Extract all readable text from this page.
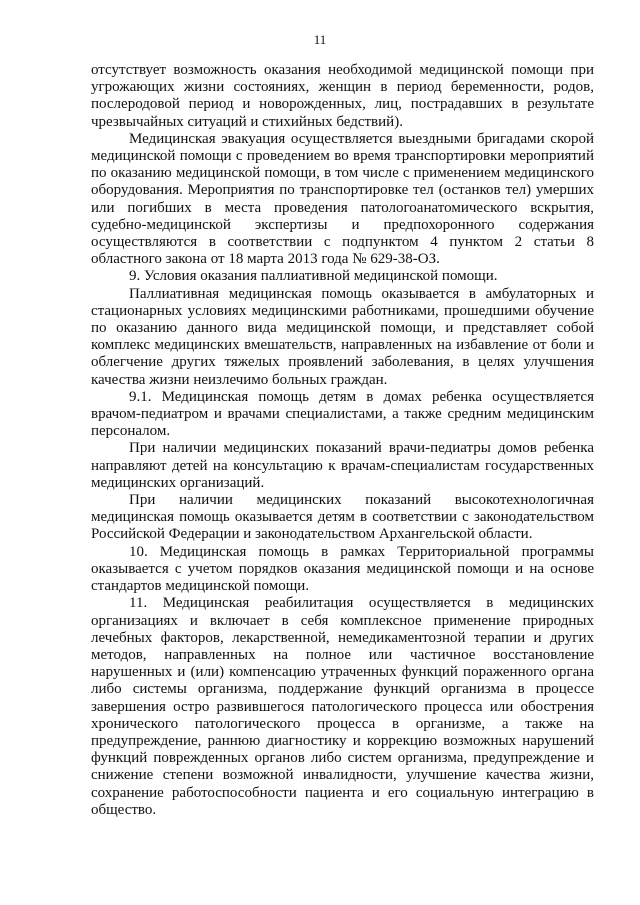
11

отсутствует возможность оказания необходимой медицинской помощи при угрожающих жизни состояниях, женщин в период беременности, родов, послеродовой период и новорожденных, лиц, пострадавших в результате чрезвычайных ситуаций и стихийных бедствий).

Медицинская эвакуация осуществляется выездными бригадами скорой медицинской помощи с проведением во время транспортировки мероприятий по оказанию медицинской помощи, в том числе с применением медицинского оборудования. Мероприятия по транспортировке тел (останков тел) умерших или погибших в места проведения патологоанатомического вскрытия, судебно-медицинской экспертизы и предпохоронного содержания осуществляются в соответствии с подпунктом 4 пунктом 2 статьи 8 областного закона от 18 марта 2013 года № 629-38-ОЗ.

9. Условия оказания паллиативной медицинской помощи.

Паллиативная медицинская помощь оказывается в амбулаторных и стационарных условиях медицинскими работниками, прошедшими обучение по оказанию данного вида медицинской помощи, и представляет собой комплекс медицинских вмешательств, направленных на избавление от боли и облегчение других тяжелых проявлений заболевания, в целях улучшения качества жизни неизлечимо больных граждан.

9.1. Медицинская помощь детям в домах ребенка осуществляется врачом-педиатром и врачами специалистами, а также средним медицинским персоналом.

При наличии медицинских показаний врачи-педиатры домов ребенка направляют детей на консультацию к врачам-специалистам государственных медицинских организаций.

При наличии медицинских показаний высокотехнологичная медицинская помощь оказывается детям в соответствии с законодательством Российской Федерации и законодательством Архангельской области.

10. Медицинская помощь в рамках Территориальной программы оказывается с учетом порядков оказания медицинской помощи и на основе стандартов медицинской помощи.

11. Медицинская реабилитация осуществляется в медицинских организациях и включает в себя комплексное применение природных лечебных факторов, лекарственной, немедикаментозной терапии и других методов, направленных на полное или частичное восстановление нарушенных и (или) компенсацию утраченных функций пораженного органа либо системы организма, поддержание функций организма в процессе завершения остро развившегося патологического процесса или обострения хронического патологического процесса в организме, а также на предупреждение, раннюю диагностику и коррекцию возможных нарушений функций поврежденных органов либо систем организма, предупреждение и снижение степени возможной инвалидности, улучшение качества жизни, сохранение работоспособности пациента и его социальную интеграцию в общество.
